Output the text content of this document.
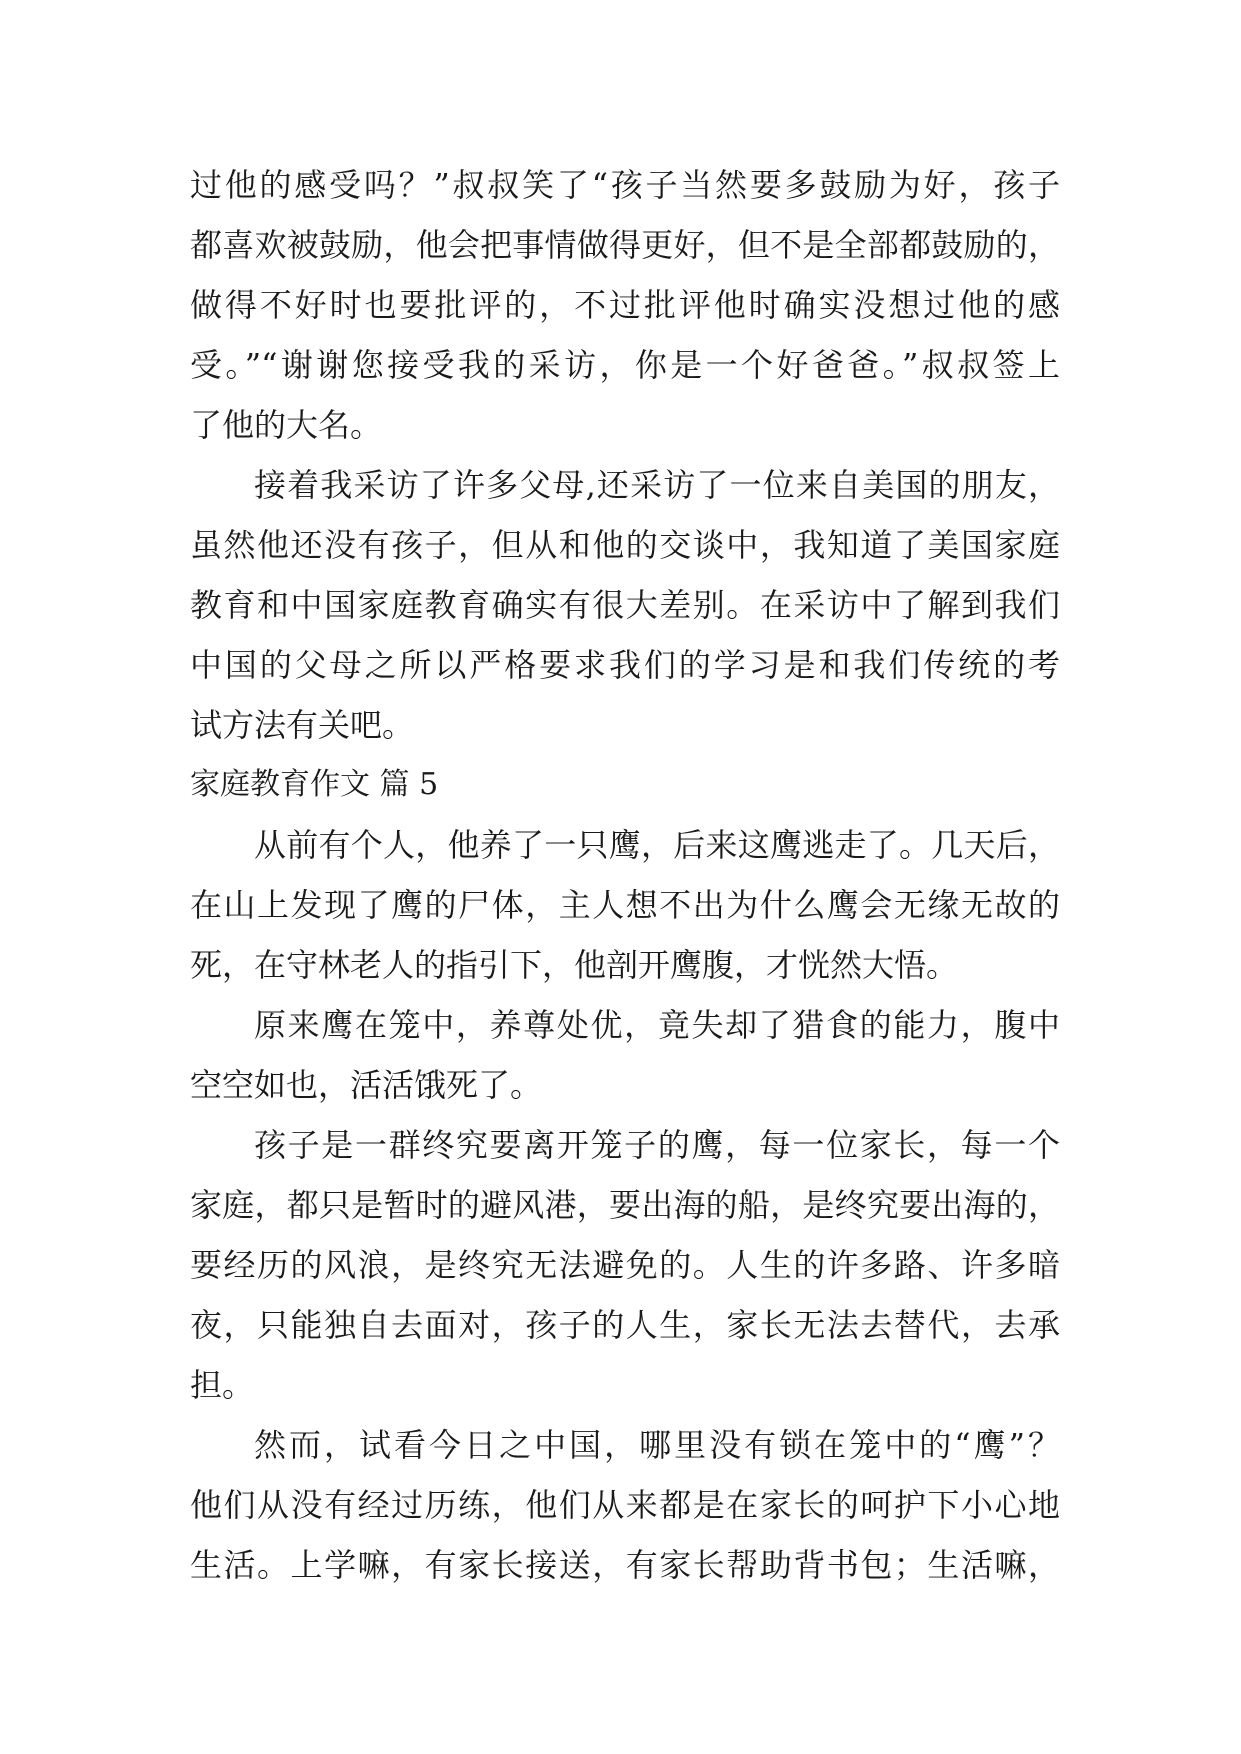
过他的感受吗？”叔叔笑了“孩子当然要多鼓励为好，孩子
都喜欢被鼓励，他会把事情做得更好，但不是全部都鼓励的，
做得不好时也要批评的，不过批评他时确实没想过他的感
受。”“谢谢您接受我的采访，你是一个好爸爸。”叔叔签上
了他的大名。
接着我采访了许多父母,还采访了一位来自美国的朋友，
虽然他还没有孩子，但从和他的交谈中，我知道了美国家庭
教育和中国家庭教育确实有很大差别。在采访中了解到我们
中国的父母之所以严格要求我们的学习是和我们传统的考
试方法有关吧。
家庭教育作文 篇 5
从前有个人，他养了一只鹰，后来这鹰逃走了。几天后，
在山上发现了鹰的尸体，主人想不出为什么鹰会无缘无故的
死，在守林老人的指引下，他剖开鹰腹，才恍然大悟。
原来鹰在笼中，养尊处优，竟失却了猎食的能力，腹中
空空如也，活活饿死了。
孩子是一群终究要离开笼子的鹰，每一位家长，每一个
家庭，都只是暂时的避风港，要出海的船，是终究要出海的，
要经历的风浪，是终究无法避免的。人生的许多路、许多暗
夜，只能独自去面对，孩子的人生，家长无法去替代，去承
担。
然而，试看今日之中国，哪里没有锁在笼中的“鹰”？
他们从没有经过历练，他们从来都是在家长的呵护下小心地
生活。上学嘛，有家长接送，有家长帮助背书包；生活嘛，
